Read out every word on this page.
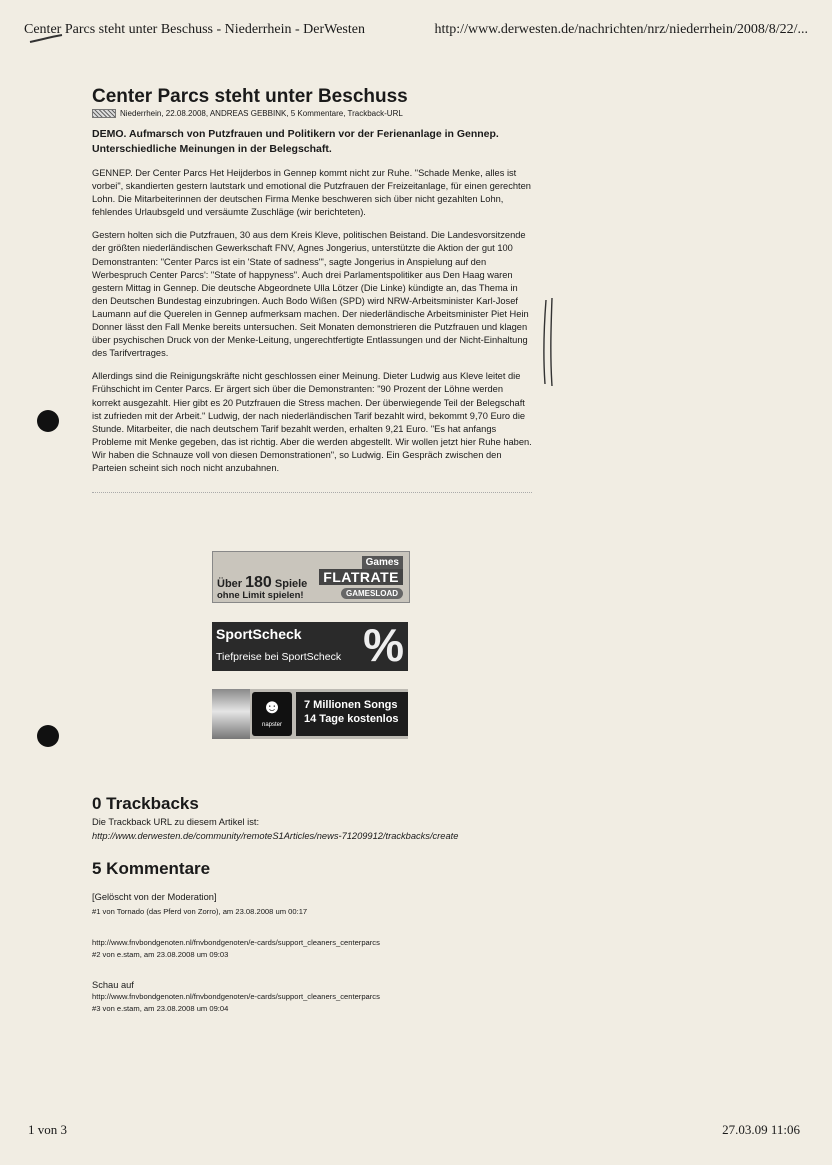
Center Parcs steht unter Beschuss - Niederrhein - DerWesten	http://www.derwesten.de/nachrichten/nrz/niederrhein/2008/8/22/...
Center Parcs steht unter Beschuss
Niederrhein, 22.08.2008, ANDREAS GEBBINK, 5 Kommentare, Trackback-URL
DEMO. Aufmarsch von Putzfrauen und Politikern vor der Ferienanlage in Gennep. Unterschiedliche Meinungen in der Belegschaft.

GENNEP. Der Center Parcs Het Heijderbos in Gennep kommt nicht zur Ruhe. "Schade Menke, alles ist vorbei", skandierten gestern lautstark und emotional die Putzfrauen der Freizeitanlage, für einen gerechten Lohn. Die Mitarbeiterinnen der deutschen Firma Menke beschweren sich über nicht gezahlten Lohn, fehlendes Urlaubsgeld und versäumte Zuschläge (wir berichteten).

Gestern holten sich die Putzfrauen, 30 aus dem Kreis Kleve, politischen Beistand. Die Landesvorsitzende der größten niederländischen Gewerkschaft FNV, Agnes Jongerius, unterstützte die Aktion der gut 100 Demonstranten: "Center Parcs ist ein 'State of sadness'", sagte Jongerius in Anspielung auf den Werbespruch Center Parcs': "State of happyness". Auch drei Parlamentspolitiker aus Den Haag waren gestern Mittag in Gennep. Die deutsche Abgeordnete Ulla Lötzer (Die Linke) kündigte an, das Thema in den Deutschen Bundestag einzubringen. Auch Bodo Wißen (SPD) wird NRW-Arbeitsminister Karl-Josef Laumann auf die Querelen in Gennep aufmerksam machen. Der niederländische Arbeitsminister Piet Hein Donner lässt den Fall Menke bereits untersuchen. Seit Monaten demonstrieren die Putzfrauen und klagen über psychischen Druck von der Menke-Leitung, ungerechtfertigte Entlassungen und der Nicht-Einhaltung des Tarifvertrages.

Allerdings sind die Reinigungskräfte nicht geschlossen einer Meinung. Dieter Ludwig aus Kleve leitet die Frühschicht im Center Parcs. Er ärgert sich über die Demonstranten: "90 Prozent der Löhne werden korrekt ausgezahlt. Hier gibt es 20 Putzfrauen die Stress machen. Der überwiegende Teil der Belegschaft ist zufrieden mit der Arbeit." Ludwig, der nach niederländischen Tarif bezahlt wird, bekommt 9,70 Euro die Stunde. Mitarbeiter, die nach deutschem Tarif bezahlt werden, erhalten 9,21 Euro. "Es hat anfangs Probleme mit Menke gegeben, das ist richtig. Aber die werden abgestellt. Wir wollen jetzt hier Ruhe haben. Wir haben die Schnauze voll von diesen Demonstrationen", so Ludwig. Ein Gespräch zwischen den Parteien scheint sich noch nicht anzubahnen.

Games
FLATRATE
Über 180 Spiele
ohne Limit spielen!	GAMESLOAD
SportScheck
Tiefpreise bei SportScheck %
☻
napster
7 Millionen Songs
14 Tage kostenlos
0 Trackbacks
Die Trackback URL zu diesem Artikel ist:
http://www.derwesten.de/community/remoteS1Articles/news-71209912/trackbacks/create
5 Kommentare
[Gelöscht von der Moderation]
#1 von Tornado (das Pferd von Zorro), am 23.08.2008 um 00:17
http://www.fnvbondgenoten.nl/fnvbondgenoten/e-cards/support_cleaners_centerparcs
#2 von e.stam, am 23.08.2008 um 09:03
Schau auf
http://www.fnvbondgenoten.nl/fnvbondgenoten/e-cards/support_cleaners_centerparcs
#3 von e.stam, am 23.08.2008 um 09:04
1 von 3	27.03.09 11:06
